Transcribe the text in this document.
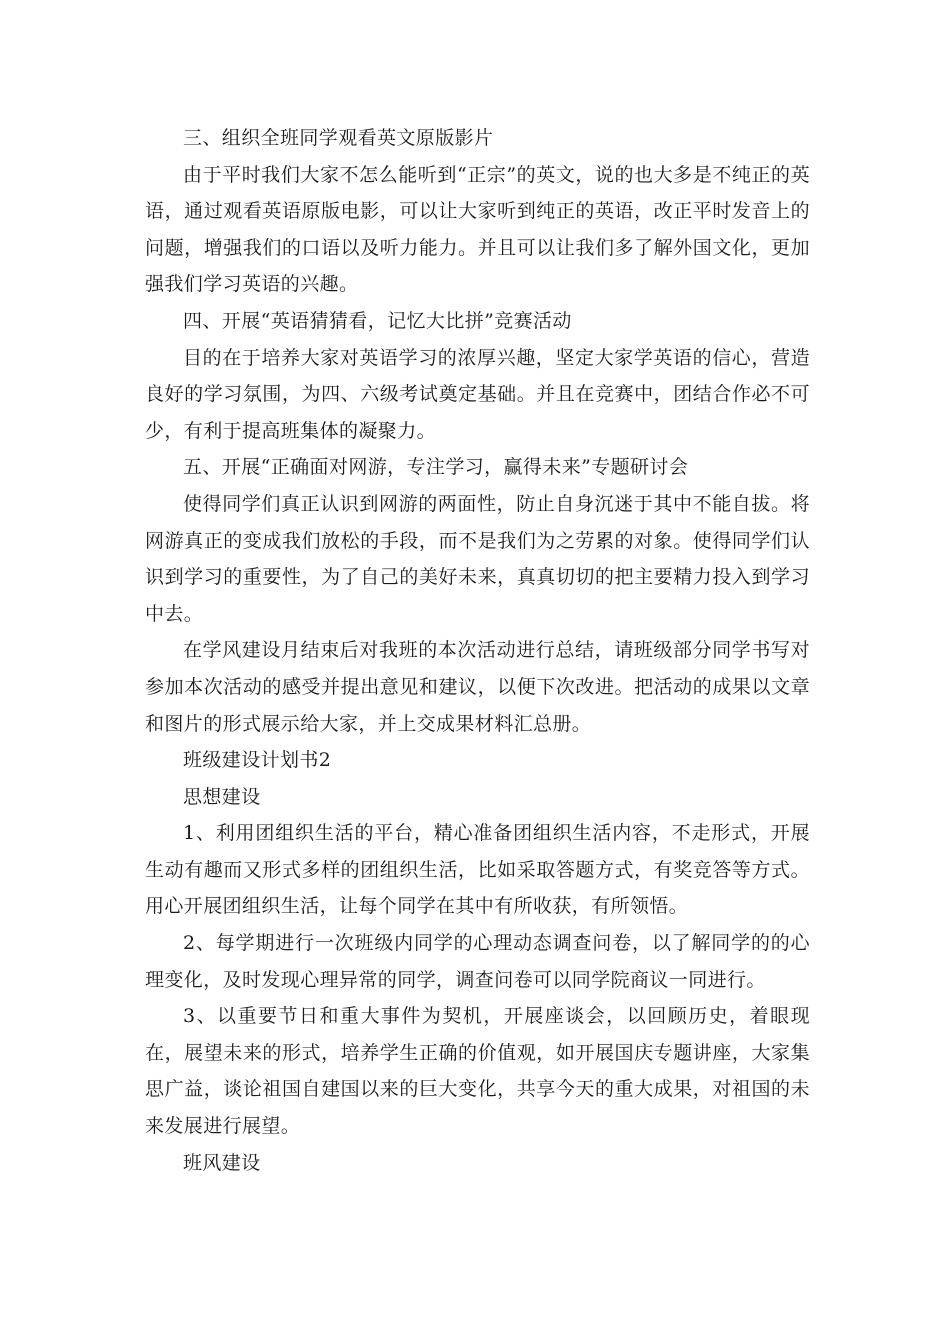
三、组织全班同学观看英文原版影片

由于平时我们大家不怎么能听到“正宗”的英文，说的也大多是不纯正的英语，通过观看英语原版电影，可以让大家听到纯正的英语，改正平时发音上的问题，增强我们的口语以及听力能力。并且可以让我们多了解外国文化，更加强我们学习英语的兴趣。

四、开展“英语猜猜看，记忆大比拼”竞赛活动

目的在于培养大家对英语学习的浓厚兴趣，坚定大家学英语的信心，营造良好的学习氛围，为四、六级考试奠定基础。并且在竞赛中，团结合作必不可少，有利于提高班集体的凝聚力。

五、开展“正确面对网游，专注学习，赢得未来”专题研讨会

使得同学们真正认识到网游的两面性，防止自身沉迷于其中不能自拔。将网游真正的变成我们放松的手段，而不是我们为之劳累的对象。使得同学们认识到学习的重要性，为了自己的美好未来，真真切切的把主要精力投入到学习中去。

在学风建设月结束后对我班的本次活动进行总结，请班级部分同学书写对参加本次活动的感受并提出意见和建议，以便下次改进。把活动的成果以文章和图片的形式展示给大家，并上交成果材料汇总册。

班级建设计划书2

思想建设

1、利用团组织生活的平台，精心准备团组织生活内容，不走形式，开展生动有趣而又形式多样的团组织生活，比如采取答题方式，有奖竞答等方式。用心开展团组织生活，让每个同学在其中有所收获，有所领悟。

2、每学期进行一次班级内同学的心理动态调查问卷，以了解同学的的心理变化，及时发现心理异常的同学，调查问卷可以同学院商议一同进行。

3、以重要节日和重大事件为契机，开展座谈会，以回顾历史，着眼现在，展望未来的形式，培养学生正确的价值观，如开展国庆专题讲座，大家集思广益，谈论祖国自建国以来的巨大变化，共享今天的重大成果，对祖国的未来发展进行展望。

班风建设
